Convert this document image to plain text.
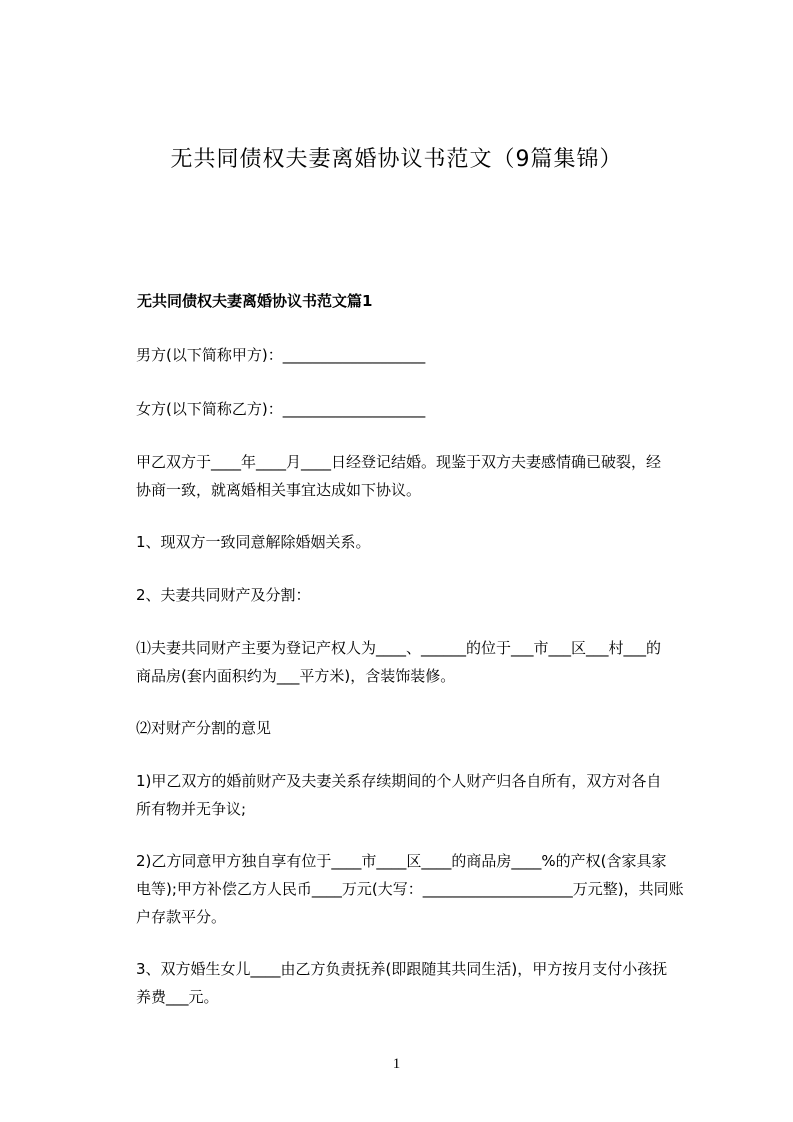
无共同债权夫妻离婚协议书范文（9篇集锦）
无共同债权夫妻离婚协议书范文篇1
男方(以下简称甲方)：___________________
女方(以下简称乙方)：___________________
甲乙双方于____年____月____日经登记结婚。现鉴于双方夫妻感情确已破裂，经
协商一致，就离婚相关事宜达成如下协议。
1、现双方一致同意解除婚姻关系。
2、夫妻共同财产及分割：
⑴夫妻共同财产主要为登记产权人为____、______的位于___市___区___村___的
商品房(套内面积约为___平方米)，含装饰装修。
⑵对财产分割的意见
1)甲乙双方的婚前财产及夫妻关系存续期间的个人财产归各自所有，双方对各自
所有物并无争议;
2)乙方同意甲方独自享有位于____市____区____的商品房____%的产权(含家具家
电等);甲方补偿乙方人民币____万元(大写：____________________万元整)，共同账
户存款平分。
3、双方婚生女儿____由乙方负责抚养(即跟随其共同生活)，甲方按月支付小孩抚
养费___元。
1
